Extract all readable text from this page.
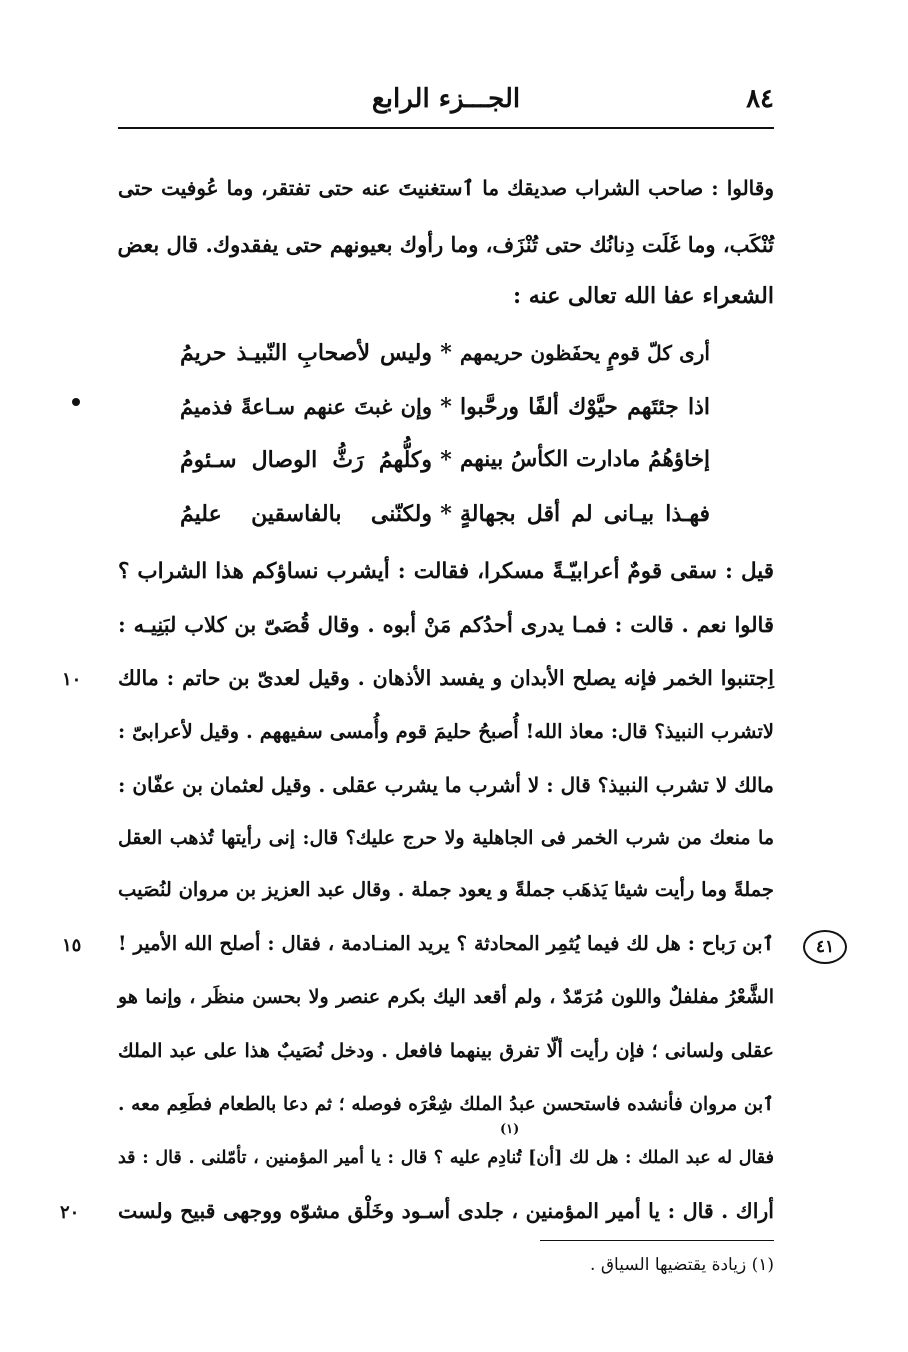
٨٤
الجـــزء الرابع
وقالوا : صاحب الشراب صديقك ما ٱستغنيتَ عنه حتى تفتقر، وما عُوفيت حتى
تُنْكَب، وما غَلَت دِنانُك حتى تُنْزَف، وما رأوك بعيونهم حتى يفقدوك. قال بعض
الشعراء عفا الله تعالى عنه :
أرى كلّ قومٍ يحفَظون حريمهم
*
وليس لأصحابِ النّبيـذ حريمُ
اذا جئتَهم حيَّوْك ألفًا ورحَّبوا
*
وإن غبتَ عنهم سـاعةً فذميمُ
إخاؤهُمُ مادارت الكأسُ بينهم
*
وكلُّهمُ رَثُّ الوصال سـئومُ
فهـذا بيـانى لم أقل بجهالةٍ
*
ولكنّنى بالفاسقين عليمُ
قيل : سقى قومٌ أعرابيّـةً مسكرا، فقالت : أيشرب نساؤكم هذا الشراب ؟
قالوا نعم . قالت : فمـا يدرى أحدُكم مَنْ أبوه . وقال قُصَىّ بن كلاب لبَنِيـه :
اِجتنبوا الخمر فإنه يصلح الأبدان و يفسد الأذهان . وقيل لعدىّ بن حاتم : مالك
لاتشرب النبيذ؟ قال: معاذ الله! أُصبحُ حليمَ قوم وأُمسى سفيههم . وقيل لأعرابىّ :
مالك لا تشرب النبيذ؟ قال : لا أشرب ما يشرب عقلى . وقيل لعثمان بن عفّان :
ما منعك من شرب الخمر فى الجاهلية ولا حرج عليك؟ قال: إنى رأيتها تُذهب العقل
جملةً وما رأيت شيئا يَذهَب جملةً و يعود جملة . وقال عبد العزيز بن مروان لنُصَيب
ٱبن رَباح : هل لك فيما يُثمِر المحادثة ؟ يريد المنـادمة ، فقال : أصلح الله الأمير !
الشَّعْرُ مفلفلٌ واللون مُرَمّدٌ ، ولم أقعد اليك بكرم عنصر ولا بحسن منظَر ، وإنما هو
عقلى ولسانى ؛ فإن رأيت ألّا تفرق بينهما فافعل . ودخل نُصَيبٌ هذا على عبد الملك
ٱبن مروان فأنشده فاستحسن عبدُ الملك شِعْرَه فوصله ؛ ثم دعا بالطعام فطَعِم معه .
فقال له عبد الملك : هل لك [أن] تُنادِم عليه ؟ قال : يا أمير المؤمنين ، تأمّلنى . قال : قد
أراك . قال : يا أمير المؤمنين ، جلدى أسـود وخَلْق مشوّه ووجهى قبيح ولست
(١)
١٠
١٥
٢٠
٤١
(١) زيادة يقتضيها السياق .
